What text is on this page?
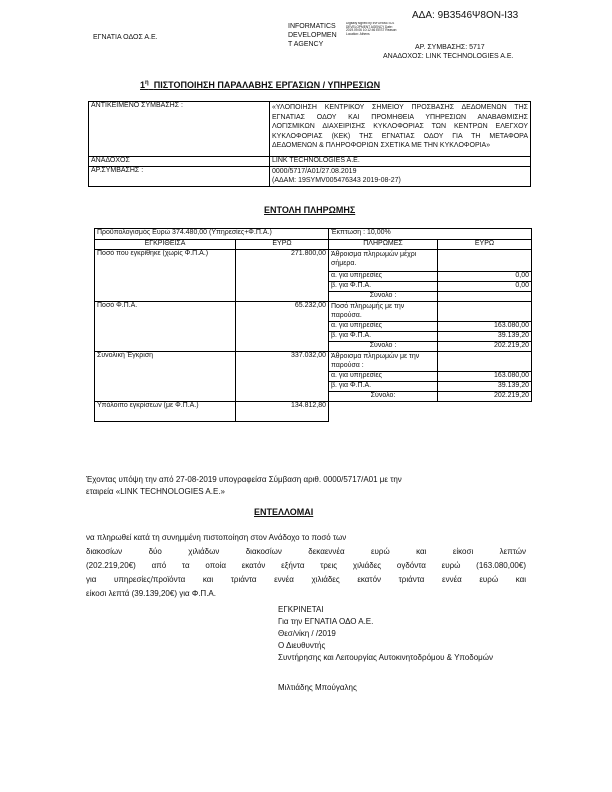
ΑΔΑ: 9Β3546Ψ8ΟΝ-Ι33
ΕΓΝΑΤΙΑ ΟΔΟΣ Α.Ε.
INFORMATICS
DEVELOPMEN
T AGENCY
Digitally signed by INFORMATICS DEVELOPMENT AGENCY Date: 2019.09.06 10:12:46 EEST Reason: Location: Athens
ΑΡ. ΣΥΜΒΑΣΗΣ: 5717
ΑΝΑΔΟΧΟΣ: LINK TECHNOLOGIES A.E.
$1^\eta$ ΠΙΣΤΟΠΟΙΗΣΗ ΠΑΡΑΛΑΒΗΣ ΕΡΓΑΣΙΩΝ / ΥΠΗΡΕΣΙΩΝ
ΑΝΤΙΚΕΙΜΕΝΟ ΣΥΜΒΑΣΗΣ :	«ΥΛΟΠΟΙΗΣΗ ΚΕΝΤΡΙΚΟΥ ΣΗΜΕΙΟΥ ΠΡΟΣΒΑΣΗΣ ΔΕΔΟΜΕΝΩΝ ΤΗΣ
ΕΓΝΑΤΙΑΣ ΟΔΟΥ ΚΑΙ ΠΡΟΜΗΘΕΙΑ ΥΠΗΡΕΣΙΩΝ ΑΝΑΒΑΘΜΙΣΗΣ
ΛΟΓΙΣΜΙΚΩΝ ΔΙΑΧΕΙΡΙΣΗΣ ΚΥΚΛΟΦΟΡΙΑΣ ΤΩΝ ΚΕΝΤΡΩΝ ΕΛΕΓΧΟΥ
ΚΥΚΛΟΦΟΡΙΑΣ (ΚΕΚ) ΤΗΣ ΕΓΝΑΤΙΑΣ ΟΔΟΥ ΓΙΑ ΤΗ ΜΕΤΑΦΟΡΑ
ΔΕΔΟΜΕΝΩΝ & ΠΛΗΡΟΦΟΡΙΩΝ ΣΧΕΤΙΚΑ ΜΕ ΤΗΝ ΚΥΚΛΟΦΟΡΙΑ»

ΑΝΑΔΟΧΟΣ	LINK TECHNOLOGIES A.E.
ΑΡ.ΣΥΜΒΑΣΗΣ :	0000/5717/A01/27.08.2019
(ΑΔΑΜ: 19SYMV005476343 2019-08-27)
ΕΝΤΟΛΗ ΠΛΗΡΩΜΗΣ
Προϋπολογισμός Ευρώ 374.480,00 (Υπηρεσίες+Φ.Π.Α.)		Έκπτωση : 10,00%	
ΕΓΚΡΙΘΕΙΣΑ	ΕΥΡΩ	ΠΛΗΡΩΜΕΣ	ΕΥΡΩ
Ποσό που εγκρίθηκε (χωρίς Φ.Π.Α.)	271.800,00	Άθροισμα πληρωμών μέχρι σήμερα.	
		α. για υπηρεσίες	0,00
		β. για Φ.Π.Α.	0,00
		Σύνολο :	
Ποσό Φ.Π.Α.	65.232,00	Ποσό πληρωμής με την παρούσα.	
		α. για υπηρεσίες	163.080,00
		β. για Φ.Π.Α.	39.139,20
		Σύνολο :	202.219,20
Συνολική Έγκριση	337.032,00	Άθροισμα πληρωμών με την παρούσα :	
		α. για υπηρεσίες	163.080,00
		β. για Φ.Π.Α.	39.139,20
		Σύνολο:	202.219,20
Υπόλοιπο εγκρίσεων (με Φ.Π.Α.)	134.812,80		
Έχοντας υπόψη την από 27-08-2019 υπογραφείσα Σύμβαση αριθ. 0000/5717/A01 με την
εταιρεία «LINK TECHNOLOGIES A.E.»
ΕΝΤΕΛΛΟΜΑΙ
να πληρωθεί κατά τη συνημμένη πιστοποίηση στον Ανάδοχο το ποσό των
διακοσίων δύο χιλιάδων διακοσίων δεκαεννέα ευρώ και είκοσι λεπτών
(202.219,20€) από τα οποία εκατόν εξήντα τρεις χιλιάδες ογδόντα ευρώ (163.080,00€)
για υπηρεσίες/προϊόντα και τριάντα εννέα χιλιάδες εκατόν τριάντα εννέα ευρώ και
είκοσι λεπτά (39.139,20€) για Φ.Π.Α.
ΕΓΚΡΙΝΕΤΑΙ
Για την ΕΓΝΑΤΙΑ ΟΔΟ Α.Ε.
Θεσ/νίκη / /2019
Ο Διευθυντής
Συντήρησης και Λειτουργίας Αυτοκινητοδρόμου & Υποδομών
Μιλτιάδης Μπούγαλης
